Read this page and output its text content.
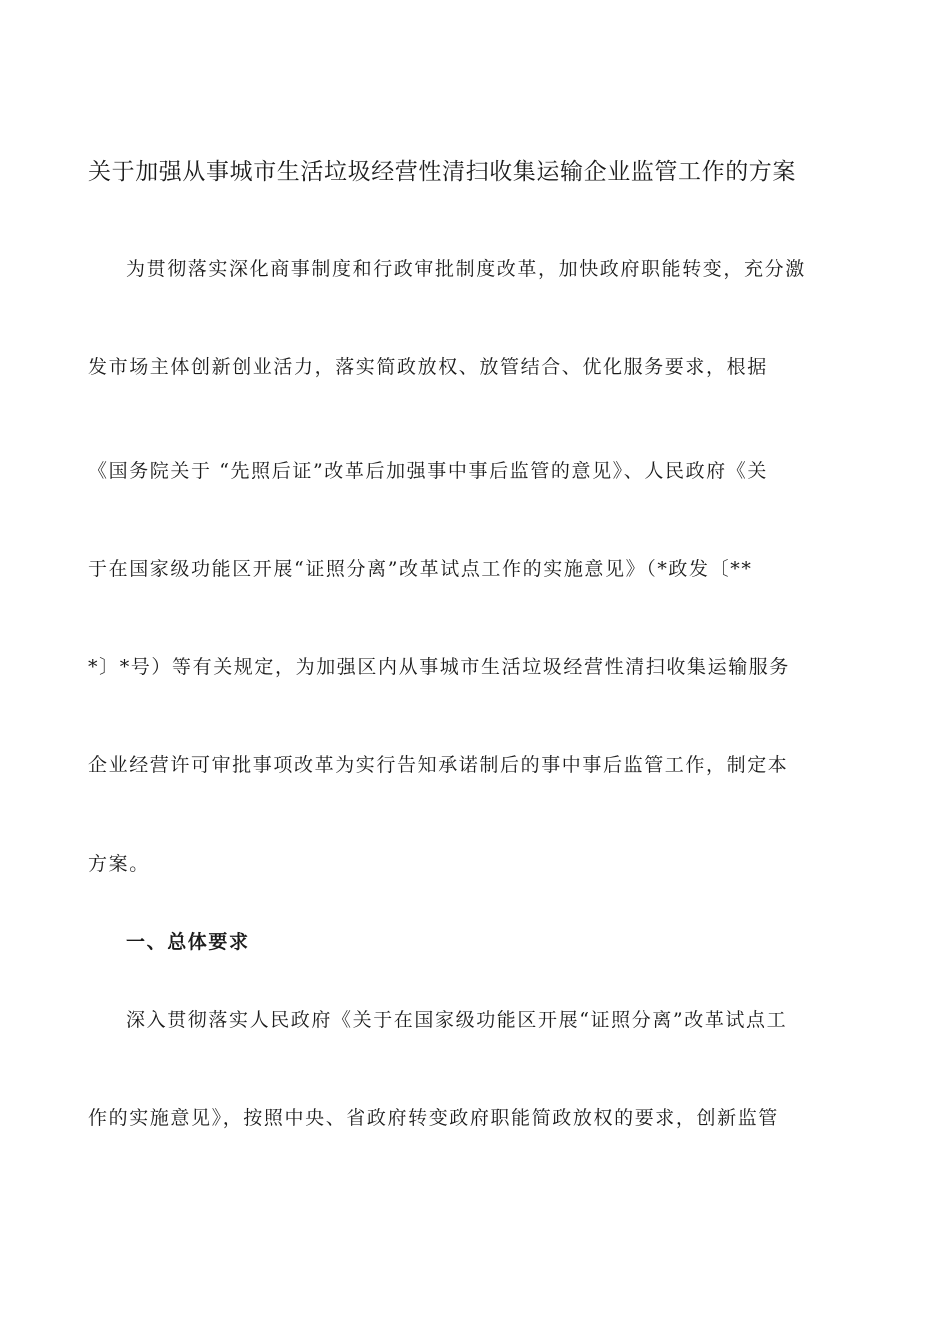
关于加强从事城市生活垃圾经营性清扫收集运输企业监管工作的方案
为贯彻落实深化商事制度和行政审批制度改革，加快政府职能转变，充分激
发市场主体创新创业活力，落实简政放权、放管结合、优化服务要求，根据
《国务院关于 “先照后证”改革后加强事中事后监管的意见》、人民政府《关
于在国家级功能区开展“证照分离”改革试点工作的实施意见》（*政发〔**
*〕*号）等有关规定，为加强区内从事城市生活垃圾经营性清扫收集运输服务
企业经营许可审批事项改革为实行告知承诺制后的事中事后监管工作，制定本
方案。
一、总体要求
深入贯彻落实人民政府《关于在国家级功能区开展“证照分离”改革试点工
作的实施意见》，按照中央、省政府转变政府职能简政放权的要求，创新监管
